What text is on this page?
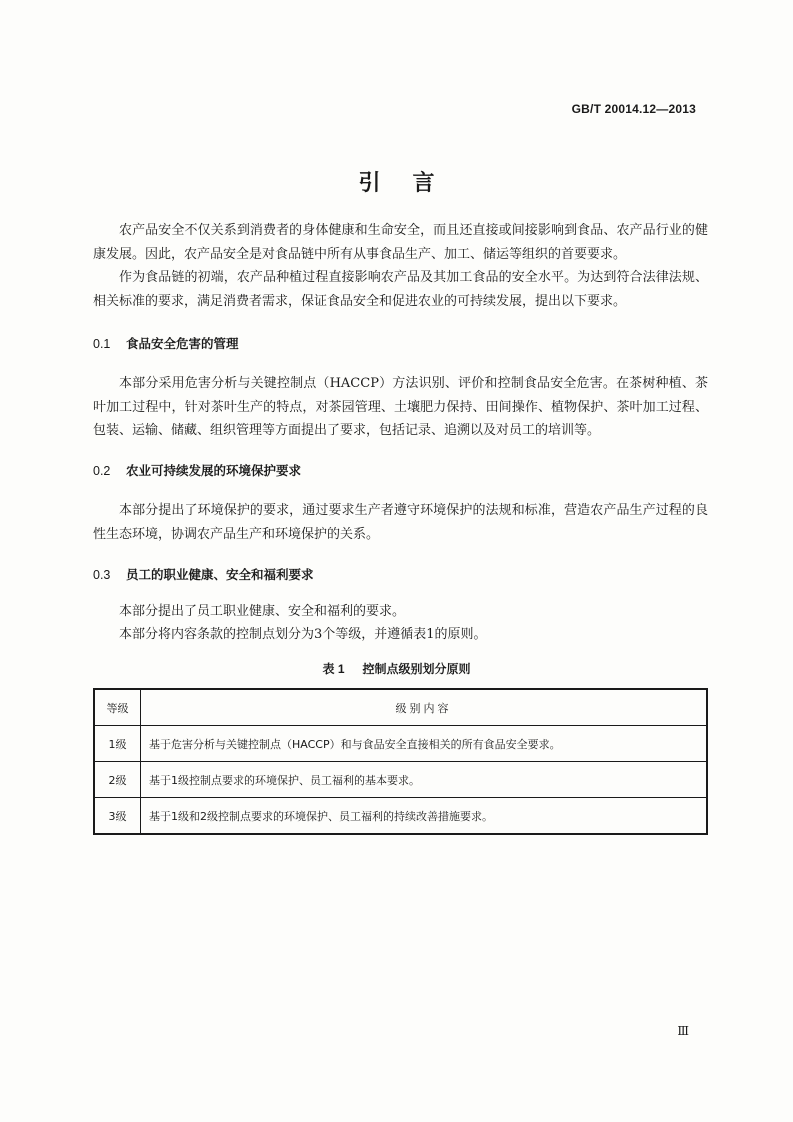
GB/T 20014.12—2013
引言

农产品安全不仅关系到消费者的身体健康和生命安全，而且还直接或间接影响到食品、农产品行业的健康发展。因此，农产品安全是对食品链中所有从事食品生产、加工、储运等组织的首要要求。

作为食品链的初端，农产品种植过程直接影响农产品及其加工食品的安全水平。为达到符合法律法规、相关标准的要求，满足消费者需求，保证食品安全和促进农业的可持续发展，提出以下要求。

0.1 食品安全危害的管理

本部分采用危害分析与关键控制点（HACCP）方法识别、评价和控制食品安全危害。在茶树种植、茶叶加工过程中，针对茶叶生产的特点，对茶园管理、土壤肥力保持、田间操作、植物保护、茶叶加工过程、包装、运输、储藏、组织管理等方面提出了要求，包括记录、追溯以及对员工的培训等。

0.2 农业可持续发展的环境保护要求

本部分提出了环境保护的要求，通过要求生产者遵守环境保护的法规和标准，营造农产品生产过程的良性生态环境，协调农产品生产和环境保护的关系。

0.3 员工的职业健康、安全和福利要求

本部分提出了员工职业健康、安全和福利的要求。

本部分将内容条款的控制点划分为3个等级，并遵循表1的原则。

表 1 控制点级别划分原则
等级	级别内容
1级	基于危害分析与关键控制点（HACCP）和与食品安全直接相关的所有食品安全要求。
2级	基于1级控制点要求的环境保护、员工福利的基本要求。
3级	基于1级和2级控制点要求的环境保护、员工福利的持续改善措施要求。
Ⅲ
